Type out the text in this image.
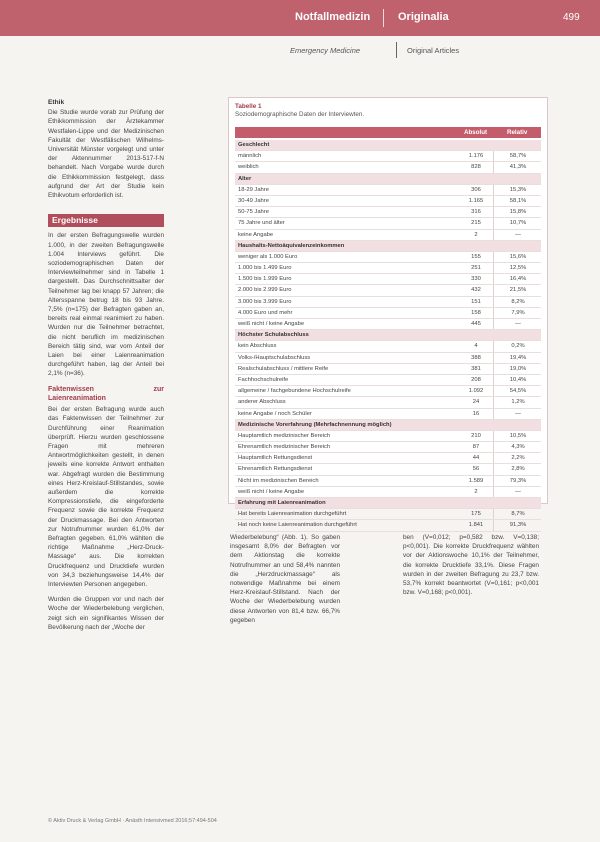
Notfallmedizin	Originalia	499
Emergency Medicine	Original Articles
Ethik

Die Studie wurde vorab zur Prüfung der Ethikkommission der Ärztekammer Westfalen-Lippe und der Medizinischen Fakultät der Westfälischen Wilhelms-Universität Münster vorgelegt und unter der Aktennummer 2013-517-f-N behandelt. Nach Vorgabe wurde durch die Ethikkommission festgelegt, dass aufgrund der Art der Studie kein Ethikvotum erforderlich ist.

Ergebnisse

In der ersten Befragungswelle wurden 1.000, in der zweiten Befragungswelle 1.004 Interviews geführt. Die soziodemographischen Daten der Interviewteilnehmer sind in Tabelle 1 dargestellt. Das Durchschnittsalter der Teilnehmer lag bei knapp 57 Jahren; die Altersspanne betrug 18 bis 93 Jahre. 7,5% (n=175) der Befragten gaben an, bereits real einmal reanimiert zu haben. Wurden nur die Teilnehmer betrachtet, die nicht beruflich im medizinischen Bereich tätig sind, war vom Anteil der Laien bei einer Laienreanimation durchgeführt haben, lag der Anteil bei 2,1% (n=36).

Faktenwissen zur Laienreanimation

Bei der ersten Befragung wurde auch das Faktenwissen der Teilnehmer zur Durchführung einer Reanimation überprüft. Hierzu wurden geschlossene Fragen mit mehreren Antwortmöglichkeiten gestellt, in denen jeweils eine korrekte Antwort enthalten war. Abgefragt wurden die Bestimmung eines Herz-Kreislauf-Stillstandes, sowie außerdem die korrekte Kompressionstiefe, die eingeforderte Frequenz sowie die korrekte Frequenz der Druckmassage. Bei den Antworten zur Notrufnummer wurden 61,0% der Befragten gegeben. 61,0% wählten die richtige Maßnahme „Herz-Druck-Massage“ aus. Die korrekten Druckfrequenz und Drucktiefe wurden von 34,3 beziehungsweise 14,4% der Interviewten Personen angegeben.

Wurden die Gruppen vor und nach der Woche der Wiederbelebung verglichen, zeigt sich ein signifikantes Wissen der Bevölkerung nach der „Woche der

Tabelle 1
Soziodemographische Daten der Interviewten.
Absolut	Relativ
Geschlecht
männlich	1.176	58,7%
weiblich	828	41,3%
Alter
18-29 Jahre	306	15,3%
30-49 Jahre	1.165	58,1%
50-75 Jahre	316	15,8%
75 Jahre und älter	215	10,7%
keine Angabe	2	—
Haushalts-Nettoäquivalenzeinkommen
weniger als 1.000 Euro	155	15,6%
1.000 bis 1.499 Euro	251	12,5%
1.500 bis 1.999 Euro	330	16,4%
2.000 bis 2.999 Euro	432	21,5%
3.000 bis 3.999 Euro	151	8,2%
4.000 Euro und mehr	158	7,9%
weiß nicht / keine Angabe	445	—
Höchster Schulabschluss
kein Abschluss	4	0,2%
Volks-/Hauptschulabschluss	388	19,4%
Realschulabschluss / mittlere Reife	381	19,0%
Fachhochschulreife	208	10,4%
allgemeine / fachgebundene Hochschulreife	1.092	54,5%
anderer Abschluss	24	1,2%
keine Angabe / noch Schüler	16	—
Medizinische Vorerfahrung (Mehrfachnennung möglich)
Hauptamtlich medizinischer Bereich	210	10,5%
Ehrenamtlich medizinischer Bereich	87	4,3%
Hauptamtlich Rettungsdienst	44	2,2%
Ehrenamtlich Rettungsdienst	56	2,8%
Nicht im medizinischen Bereich	1.589	79,3%
weiß nicht / keine Angabe	2	—
Erfahrung mit Laienreanimation
Hat bereits Laienreanimation durchgeführt	175	8,7%
Hat noch keine Laienreanimation durchgeführt	1.841	91,3%

Wiederbelebung“ (Abb. 1). So gaben insgesamt 8,0% der Befragten vor dem Aktionstag die korrekte Notrufnummer an und 58,4% nannten die „Herzdruckmassage“ als notwendige Maßnahme bei einem Herz-Kreislauf-Stillstand. Nach der Woche der Wiederbelebung wurden diese Antworten von 81,4 bzw. 66,7% gegeben

ben (V=0,012; p=0,582 bzw. V=0,138; p<0,001). Die korrekte Druckfrequenz wählten vor der Aktionswoche 10,1% der Teilnehmer, die korrekte Drucktiefe 33,1%. Diese Fragen wurden in der zweiten Befragung zu 23,7 bzw. 53,7% korrekt beantwortet (V=0,161; p<0,001 bzw. V=0,168; p<0,001).

© Aktiv Druck & Verlag GmbH · Anästh Intensivmed 2016;57:494-504
